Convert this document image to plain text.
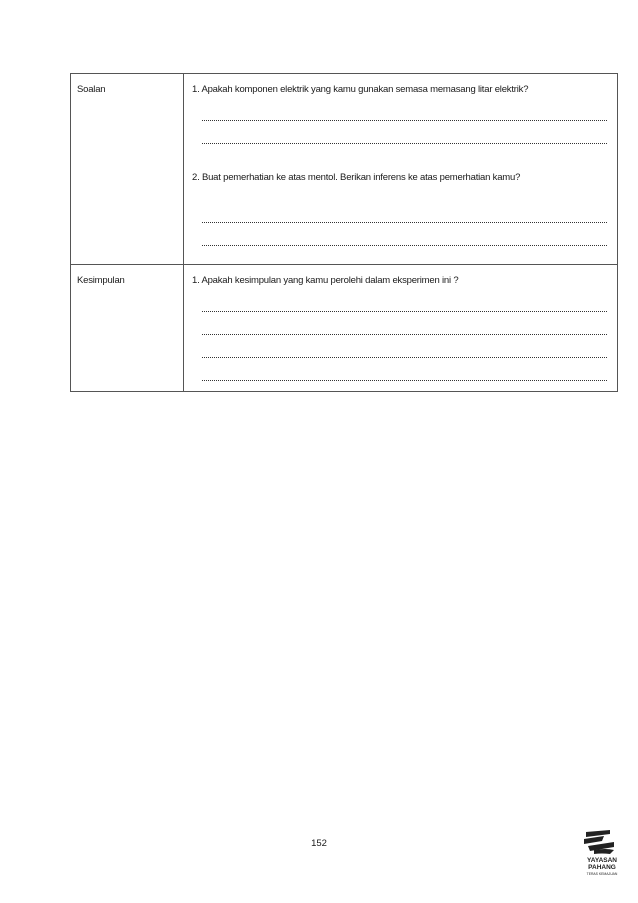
Soalan	1. Apakah komponen elektrik yang kamu gunakan semasa memasang litar elektrik?

2. Buat pemerhatian ke atas mentol. Berikan inferens ke atas pemerhatian kamu?

Kesimpulan	1. Apakah kesimpulan yang kamu perolehi dalam eksperimen ini ?

152
YAYASAN
PAHANG
TERAS KEMAJUAN
